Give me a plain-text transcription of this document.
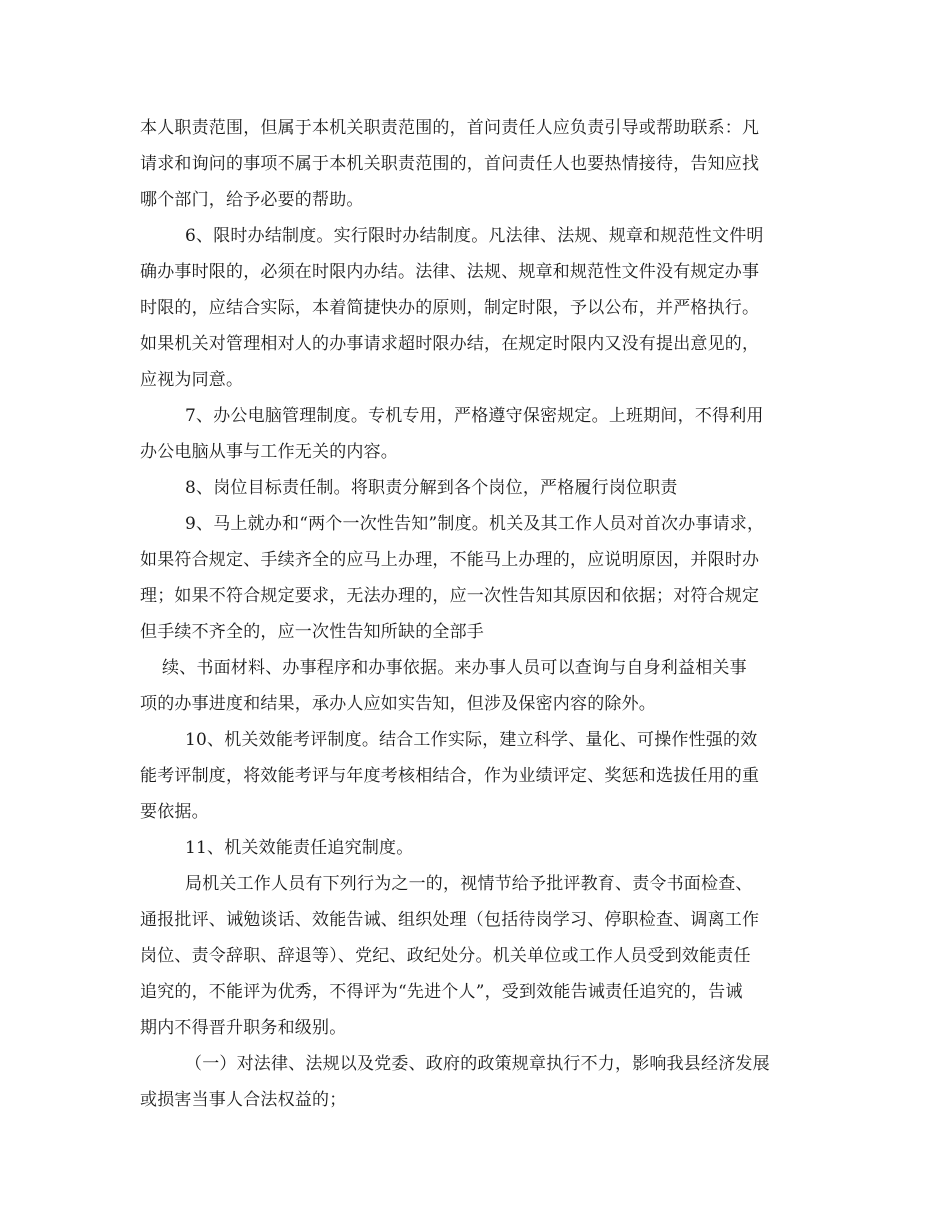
本人职责范围，但属于本机关职责范围的，首问责任人应负责引导或帮助联系：凡
请求和询问的事项不属于本机关职责范围的，首问责任人也要热情接待，告知应找
哪个部门，给予必要的帮助。
6、限时办结制度。实行限时办结制度。凡法律、法规、规章和规范性文件明
确办事时限的，必须在时限内办结。法律、法规、规章和规范性文件没有规定办事
时限的，应结合实际，本着简捷快办的原则，制定时限，予以公布，并严格执行。
如果机关对管理相对人的办事请求超时限办结，在规定时限内又没有提出意见的，
应视为同意。
7、办公电脑管理制度。专机专用，严格遵守保密规定。上班期间，不得利用
办公电脑从事与工作无关的内容。
8、岗位目标责任制。将职责分解到各个岗位，严格履行岗位职责
9、马上就办和“两个一次性告知”制度。机关及其工作人员对首次办事请求，
如果符合规定、手续齐全的应马上办理，不能马上办理的，应说明原因，并限时办
理；如果不符合规定要求，无法办理的，应一次性告知其原因和依据；对符合规定
但手续不齐全的，应一次性告知所缺的全部手
续、书面材料、办事程序和办事依据。来办事人员可以查询与自身利益相关事
项的办事进度和结果，承办人应如实告知，但涉及保密内容的除外。
10、机关效能考评制度。结合工作实际，建立科学、量化、可操作性强的效
能考评制度，将效能考评与年度考核相结合，作为业绩评定、奖惩和选拔任用的重
要依据。
11、机关效能责任追究制度。
局机关工作人员有下列行为之一的，视情节给予批评教育、责令书面检查、
通报批评、诫勉谈话、效能告诫、组织处理（包括待岗学习、停职检查、调离工作
岗位、责令辞职、辞退等）、党纪、政纪处分。机关单位或工作人员受到效能责任
追究的，不能评为优秀，不得评为“先进个人”，受到效能告诫责任追究的，告诫
期内不得晋升职务和级别。
（一）对法律、法规以及党委、政府的政策规章执行不力，影响我县经济发展
或损害当事人合法权益的；
